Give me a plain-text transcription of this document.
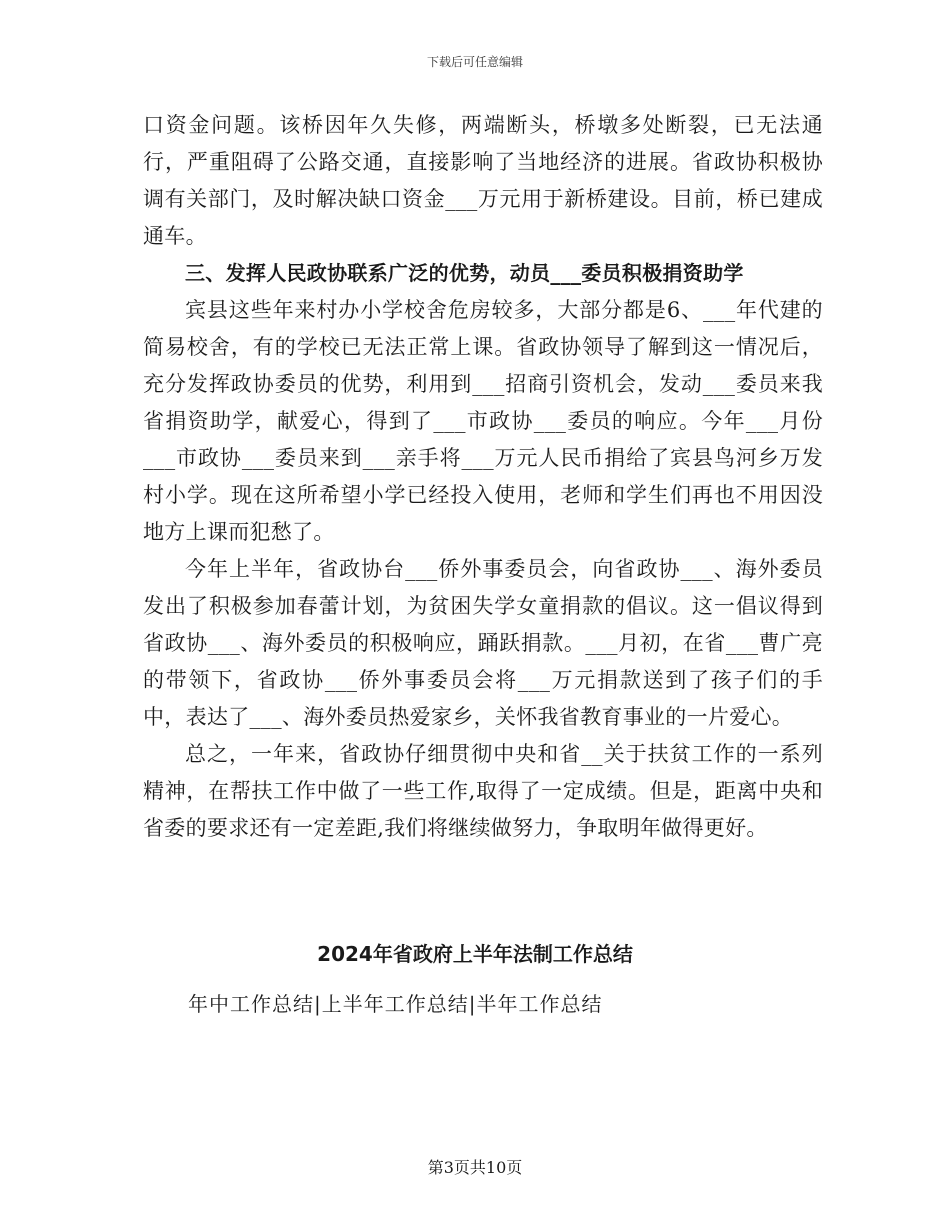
下载后可任意编辑

口资金问题。该桥因年久失修，两端断头，桥墩多处断裂，已无法通行，严重阻碍了公路交通，直接影响了当地经济的进展。省政协积极协调有关部门，及时解决缺口资金___万元用于新桥建设。目前，桥已建成通车。

三、发挥人民政协联系广泛的优势，动员___委员积极捐资助学

宾县这些年来村办小学校舍危房较多，大部分都是6、___年代建的简易校舍，有的学校已无法正常上课。省政协领导了解到这一情况后，充分发挥政协委员的优势，利用到___招商引资机会，发动___委员来我省捐资助学，献爱心，得到了___市政协___委员的响应。今年___月份___市政协___委员来到___亲手将___万元人民币捐给了宾县鸟河乡万发村小学。现在这所希望小学已经投入使用，老师和学生们再也不用因没地方上课而犯愁了。

今年上半年，省政协台___侨外事委员会，向省政协___、海外委员发出了积极参加春蕾计划，为贫困失学女童捐款的倡议。这一倡议得到省政协___、海外委员的积极响应，踊跃捐款。___月初，在省___曹广亮的带领下，省政协___侨外事委员会将___万元捐款送到了孩子们的手中，表达了___、海外委员热爱家乡，关怀我省教育事业的一片爱心。

总之，一年来，省政协仔细贯彻中央和省__关于扶贫工作的一系列精神，在帮扶工作中做了一些工作,取得了一定成绩。但是，距离中央和省委的要求还有一定差距,我们将继续做努力，争取明年做得更好。

2024年省政府上半年法制工作总结
年中工作总结|上半年工作总结|半年工作总结
第3页共10页
